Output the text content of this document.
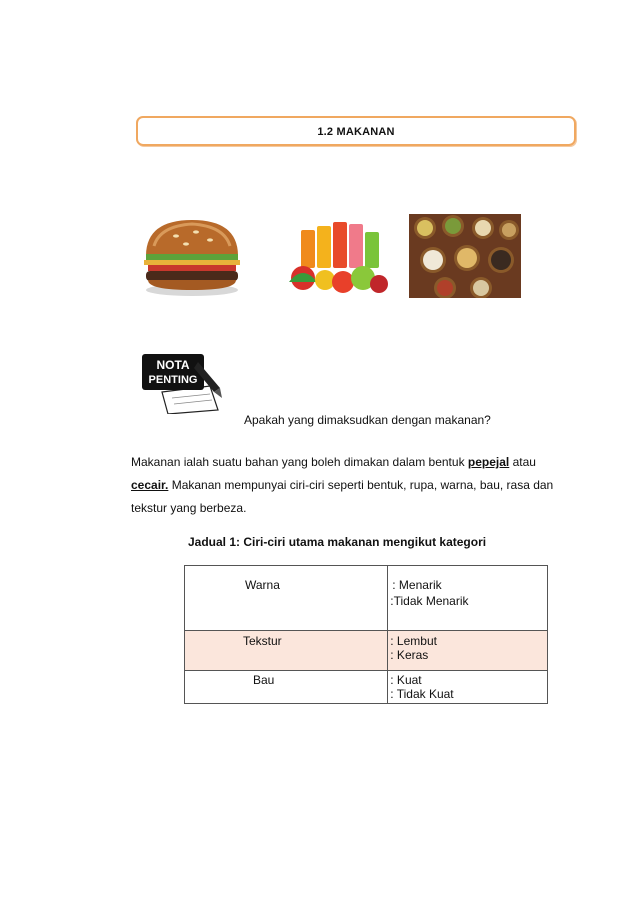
1.2 MAKANAN
NOTA
PENTING
Apakah yang dimaksudkan dengan makanan?
Makanan ialah suatu bahan yang boleh dimakan dalam bentuk pepejal atau
cecair. Makanan mempunyai ciri-ciri seperti bentuk, rupa, warna, bau, rasa dan tekstur yang berbeza.
Jadual 1: Ciri-ciri utama makanan mengikut kategori
Warna	: Menarik
:Tidak Menarik

Tekstur	: Lembut
: Keras

Bau	: Kuat
: Tidak Kuat
